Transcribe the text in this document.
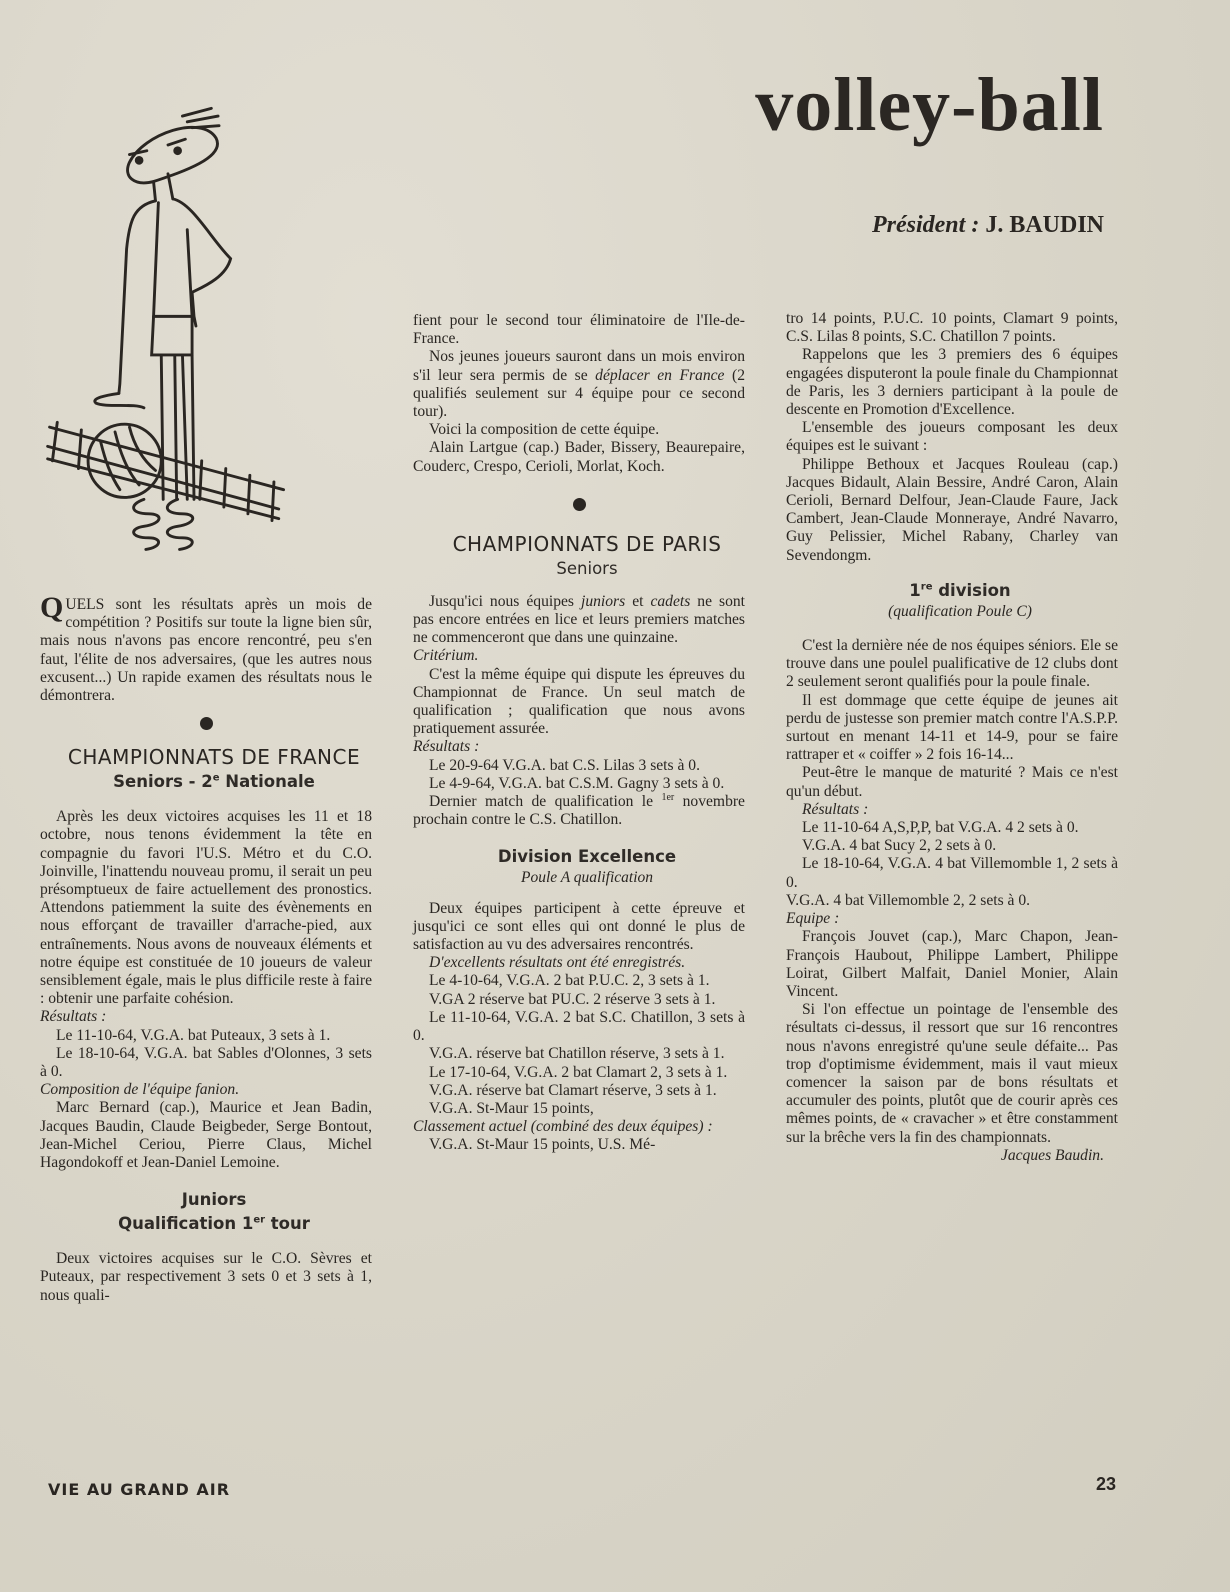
volley-ball
Président : J. BAUDIN

QUELS sont les résultats après un mois de compétition ? Positifs sur toute la ligne bien sûr, mais nous n'avons pas encore rencontré, peu s'en faut, l'élite de nos adversaires, (que les autres nous excusent...) Un rapide examen des résultats nous le démontrera.

CHAMPIONNATS DE FRANCE

Seniors - 2e Nationale

Après les deux victoires acquises les 11 et 18 octobre, nous tenons évidemment la tête en compagnie du favori l'U.S. Métro et du C.O. Joinville, l'inattendu nouveau promu, il serait un peu présomptueux de faire actuellement des pronostics. Attendons patiemment la suite des évènements en nous efforçant de travailler d'arrache-pied, aux entraînements. Nous avons de nouveaux éléments et notre équipe est constituée de 10 joueurs de valeur sensiblement égale, mais le plus difficile reste à faire : obtenir une parfaite cohésion.

Résultats :

Le 11-10-64, V.G.A. bat Puteaux, 3 sets à 1.

Le 18-10-64, V.G.A. bat Sables d'Olonnes, 3 sets à 0.

Composition de l'équipe fanion.

Marc Bernard (cap.), Maurice et Jean Badin, Jacques Baudin, Claude Beigbeder, Serge Bontout, Jean-Michel Ceriou, Pierre Claus, Michel Hagondokoff et Jean-Daniel Lemoine.

Juniors

Qualification 1er tour

Deux victoires acquises sur le C.O. Sèvres et Puteaux, par respectivement 3 sets 0 et 3 sets à 1, nous quali-

fient pour le second tour éliminatoire de l'Ile-de-France.

Nos jeunes joueurs sauront dans un mois environ s'il leur sera permis de se déplacer en France (2 qualifiés seulement sur 4 équipe pour ce second tour).

Voici la composition de cette équipe.

Alain Lartgue (cap.) Bader, Bissery, Beaurepaire, Couderc, Crespo, Cerioli, Morlat, Koch.

CHAMPIONNATS DE PARIS

Seniors

Jusqu'ici nous équipes juniors et cadets ne sont pas encore entrées en lice et leurs premiers matches ne commenceront que dans une quinzaine.

Critérium.

C'est la même équipe qui dispute les épreuves du Championnat de France. Un seul match de qualification ; qualification que nous avons pratiquement assurée.

Résultats :

Le 20-9-64 V.G.A. bat C.S. Lilas 3 sets à 0.

Le 4-9-64, V.G.A. bat C.S.M. Gagny 3 sets à 0.

Dernier match de qualification le $^{1er}$ novembre prochain contre le C.S. Chatillon.

Division Excellence

Poule A qualification

Deux équipes participent à cette épreuve et jusqu'ici ce sont elles qui ont donné le plus de satisfaction au vu des adversaires rencontrés.

D'excellents résultats ont été enregistrés.

Le 4-10-64, V.G.A. 2 bat P.U.C. 2, 3 sets à 1.

V.GA 2 réserve bat PU.C. 2 réserve 3 sets à 1.

Le 11-10-64, V.G.A. 2 bat S.C. Chatillon, 3 sets à 0.

V.G.A. réserve bat Chatillon réserve, 3 sets à 1.

Le 17-10-64, V.G.A. 2 bat Clamart 2, 3 sets à 1.

V.G.A. réserve bat Clamart réserve, 3 sets à 1.

V.G.A. St-Maur 15 points,

Classement actuel (combiné des deux équipes) :

V.G.A. St-Maur 15 points, U.S. Mé-

tro 14 points, P.U.C. 10 points, Clamart 9 points, C.S. Lilas 8 points, S.C. Chatillon 7 points.

Rappelons que les 3 premiers des 6 équipes engagées disputeront la poule finale du Championnat de Paris, les 3 derniers participant à la poule de descente en Promotion d'Excellence.

L'ensemble des joueurs composant les deux équipes est le suivant :

Philippe Bethoux et Jacques Rouleau (cap.) Jacques Bidault, Alain Bessire, André Caron, Alain Cerioli, Bernard Delfour, Jean-Claude Faure, Jack Cambert, Jean-Claude Monneraye, André Navarro, Guy Pelissier, Michel Rabany, Charley van Sevendongm.

1re division

(qualification Poule C)

C'est la dernière née de nos équipes séniors. Ele se trouve dans une poulel pualificative de 12 clubs dont 2 seulement seront qualifiés pour la poule finale.

Il est dommage que cette équipe de jeunes ait perdu de justesse son premier match contre l'A.S.P.P. surtout en menant 14-11 et 14-9, pour se faire rattraper et « coiffer » 2 fois 16-14...

Peut-être le manque de maturité ? Mais ce n'est qu'un début.

Résultats :

Le 11-10-64 A,S,P,P, bat V.G.A. 4 2 sets à 0.

V.G.A. 4 bat Sucy 2, 2 sets à 0.

Le 18-10-64, V.G.A. 4 bat Villemomble 1, 2 sets à 0.

V.G.A. 4 bat Villemomble 2, 2 sets à 0.

Equipe :

François Jouvet (cap.), Marc Chapon, Jean-François Haubout, Philippe Lambert, Philippe Loirat, Gilbert Malfait, Daniel Monier, Alain Vincent.

Si l'on effectue un pointage de l'ensemble des résultats ci-dessus, il ressort que sur 16 rencontres nous n'avons enregistré qu'une seule défaite... Pas trop d'optimisme évidemment, mais il vaut mieux comencer la saison par de bons résultats et accumuler des points, plutôt que de courir après ces mêmes points, de « cravacher » et être constamment sur la brêche vers la fin des championnats.

Jacques Baudin.

VIE AU GRAND AIR	23
